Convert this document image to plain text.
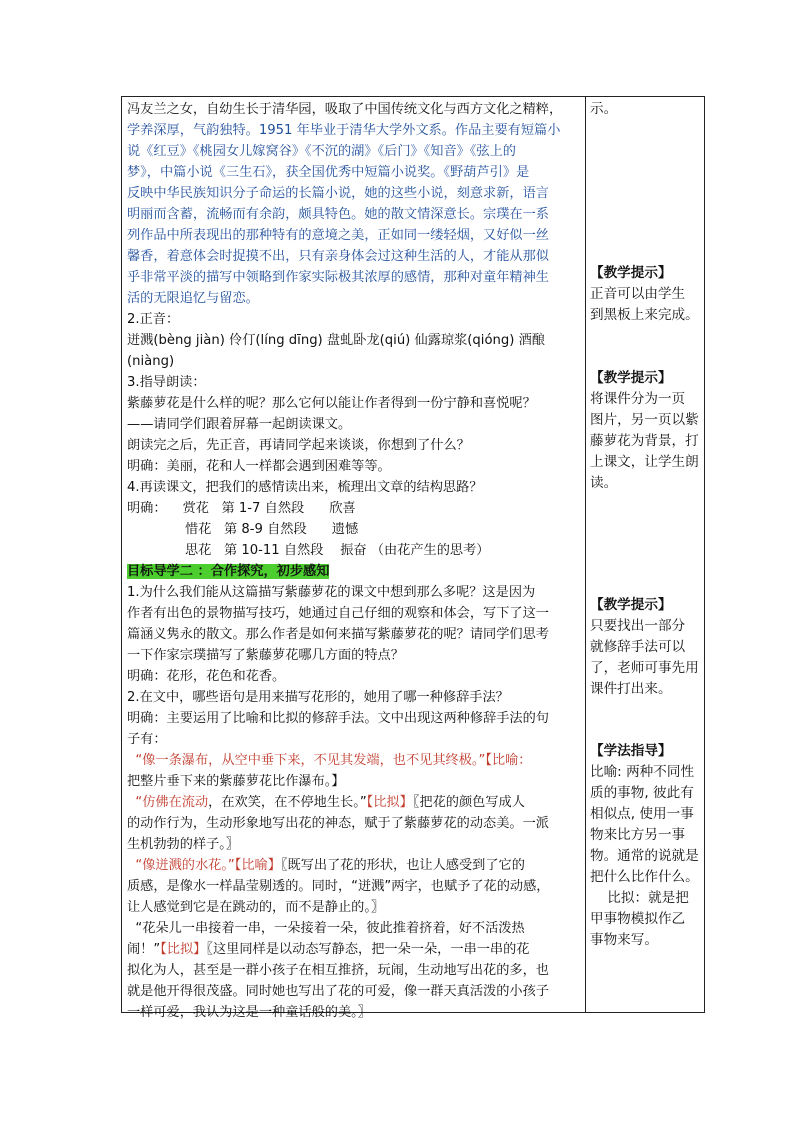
冯友兰之女，自幼生长于清华园，吸取了中国传统文化与西方文化之精粹，

学养深厚，气韵独特。1951 年毕业于清华大学外文系。作品主要有短篇小

说《红豆》《桃园女儿嫁窝谷》《不沉的湖》《后门》《知音》《弦上的

梦》，中篇小说《三生石》，获全国优秀中短篇小说奖。《野葫芦引》是

反映中华民族知识分子命运的长篇小说，她的这些小说，刻意求新，语言

明丽而含蓄，流畅而有余韵，颇具特色。她的散文情深意长。宗璞在一系

列作品中所表现出的那种特有的意境之美，正如同一缕轻烟，又好似一丝

馨香，着意体会时捉摸不出，只有亲身体会过这种生活的人，才能从那似

乎非常平淡的描写中领略到作家实际极其浓厚的感情，那种对童年精神生

活的无限追忆与留恋。

2.正音：

迸溅(bèng jiàn) 伶仃(líng dīng) 盘虬卧龙(qiú) 仙露琼浆(qióng) 酒酿

(niàng)

3.指导朗读：

紫藤萝花是什么样的呢？那么它何以能让作者得到一份宁静和喜悦呢？

——请同学们跟着屏幕一起朗读课文。

朗读完之后，先正音，再请同学起来谈谈，你想到了什么？

明确：美丽，花和人一样都会遇到困难等等。

4.再读课文，把我们的感情读出来，梳理出文章的结构思路？

明确： 赏花 第 1-7 自然段 欣喜

惜花 第 8-9 自然段 遗憾

思花 第 10-11 自然段 振奋 （由花产生的思考）

目标导学二 ：合作探究，初步感知

1.为什么我们能从这篇描写紫藤萝花的课文中想到那么多呢？这是因为

作者有出色的景物描写技巧，她通过自己仔细的观察和体会，写下了这一

篇涵义隽永的散文。那么作者是如何来描写紫藤萝花的呢？请同学们思考

一下作家宗璞描写了紫藤萝花哪几方面的特点？

明确：花形，花色和花香。

2.在文中，哪些语句是用来描写花形的，她用了哪一种修辞手法？

明确：主要运用了比喻和比拟的修辞手法。文中出现这两种修辞手法的句

子有：

“像一条瀑布，从空中垂下来，不见其发端，也不见其终极。”【比喻：

把整片垂下来的紫藤萝花比作瀑布。】

“仿佛在流动，在欢笑，在不停地生长。”【比拟】〖把花的颜色写成人

的动作行为，生动形象地写出花的神态，赋于了紫藤萝花的动态美。一派

生机勃勃的样子。〗

“像迸溅的水花。”【比喻】〖既写出了花的形状，也让人感受到了它的

质感，是像水一样晶莹剔透的。同时，“迸溅”两字，也赋予了花的动感，

让人感觉到它是在跳动的，而不是静止的。〗

“花朵儿一串接着一串，一朵接着一朵，彼此推着挤着，好不活泼热

闹！”【比拟】〖这里同样是以动态写静态，把一朵一朵，一串一串的花

拟化为人，甚至是一群小孩子在相互推挤，玩闹，生动地写出花的多，也

就是他开得很茂盛。同时她也写出了花的可爱，像一群天真活泼的小孩子

一样可爱，我认为这是一种童话般的美。〗

示。

【教学提示】

正音可以由学生

到黑板上来完成。

【教学提示】

将课件分为一页

图片，另一页以紫

藤萝花为背景，打

上课文，让学生朗

读。

【教学提示】

只要找出一部分

就修辞手法可以

了，老师可事先用

课件打出来。

【学法指导】

比喻: 两种不同性

质的事物, 彼此有

相似点, 使用一事

物来比方另一事

物。通常的说就是

把什么比作什么。

比拟：就是把

甲事物模拟作乙

事物来写。
